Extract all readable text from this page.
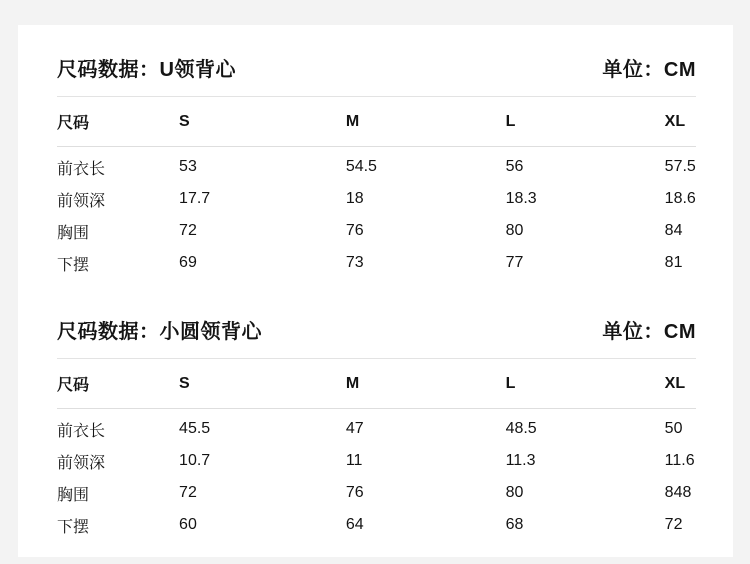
尺码数据：U领背心	单位：CM
尺码	S	M	L	XL
前衣长	53	54.5	56	57.5
前领深	17.7	18	18.3	18.6
胸围	72	76	80	84
下摆	69	73	77	81
尺码数据：小圆领背心	单位：CM
尺码	S	M	L	XL
前衣长	45.5	47	48.5	50
前领深	10.7	11	11.3	11.6
胸围	72	76	80	848
下摆	60	64	68	72
